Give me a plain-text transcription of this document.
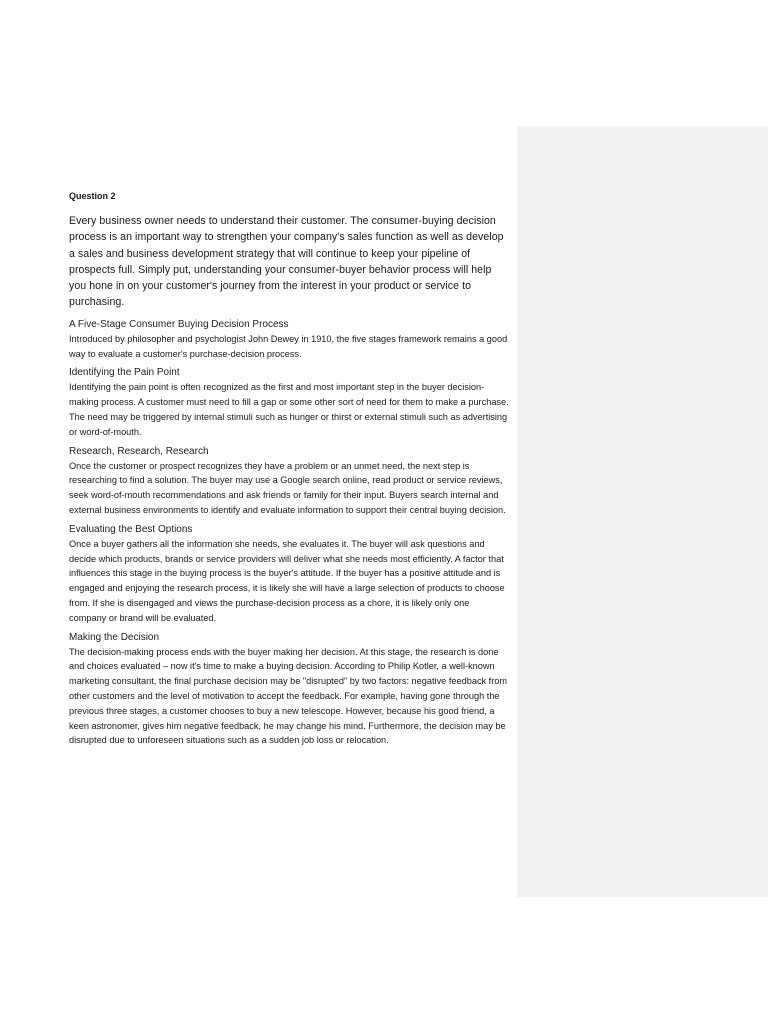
Question 2

Every business owner needs to understand their customer. The consumer-buying decision process is an important way to strengthen your company's sales function as well as develop a sales and business development strategy that will continue to keep your pipeline of prospects full. Simply put, understanding your consumer-buyer behavior process will help you hone in on your customer's journey from the interest in your product or service to purchasing.

A Five-Stage Consumer Buying Decision Process

Introduced by philosopher and psychologist John Dewey in 1910, the five stages framework remains a good way to evaluate a customer's purchase-decision process.

Identifying the Pain Point

Identifying the pain point is often recognized as the first and most important step in the buyer decision-making process. A customer must need to fill a gap or some other sort of need for them to make a purchase. The need may be triggered by internal stimuli such as hunger or thirst or external stimuli such as advertising or word-of-mouth.

Research, Research, Research

Once the customer or prospect recognizes they have a problem or an unmet need, the next step is researching to find a solution. The buyer may use a Google search online, read product or service reviews, seek word-of-mouth recommendations and ask friends or family for their input. Buyers search internal and external business environments to identify and evaluate information to support their central buying decision.

Evaluating the Best Options

Once a buyer gathers all the information she needs, she evaluates it. The buyer will ask questions and decide which products, brands or service providers will deliver what she needs most efficiently. A factor that influences this stage in the buying process is the buyer's attitude. If the buyer has a positive attitude and is engaged and enjoying the research process, it is likely she will have a large selection of products to choose from. If she is disengaged and views the purchase-decision process as a chore, it is likely only one company or brand will be evaluated.

Making the Decision

The decision-making process ends with the buyer making her decision. At this stage, the research is done and choices evaluated – now it's time to make a buying decision. According to Philip Kotler, a well-known marketing consultant, the final purchase decision may be "disrupted" by two factors: negative feedback from other customers and the level of motivation to accept the feedback. For example, having gone through the previous three stages, a customer chooses to buy a new telescope. However, because his good friend, a keen astronomer, gives him negative feedback, he may change his mind. Furthermore, the decision may be disrupted due to unforeseen situations such as a sudden job loss or relocation.
